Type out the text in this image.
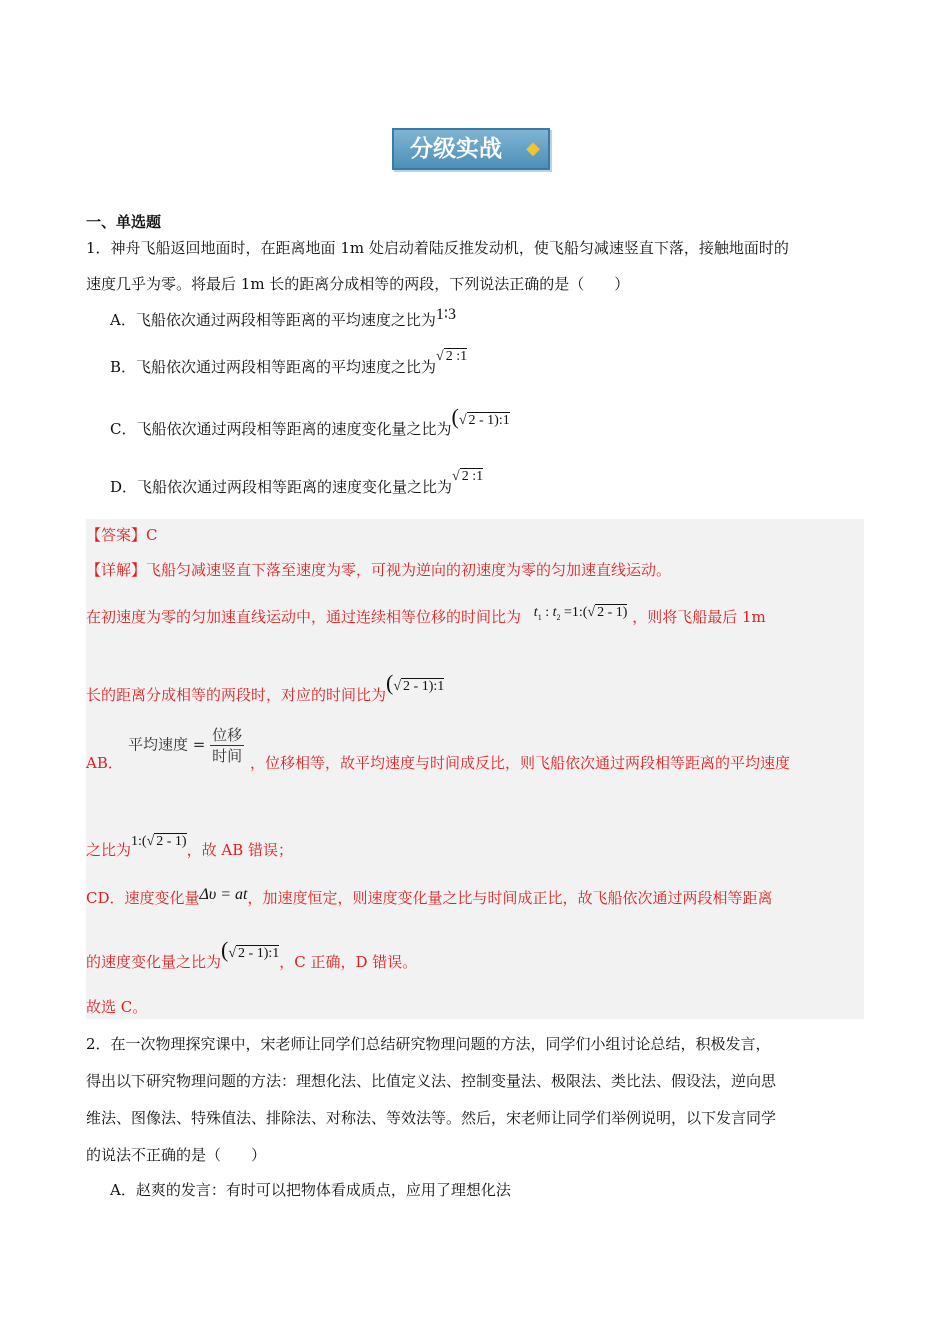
分级实战 ◆
一、单选题
1．神舟飞船返回地面时，在距离地面 1m 处启动着陆反推发动机，使飞船匀减速竖直下落，接触地面时的
速度几乎为零。将最后 1m 长的距离分成相等的两段，下列说法正确的是（　　）
A．飞船依次通过两段相等距离的平均速度之比为1∶3
B．飞船依次通过两段相等距离的平均速度之比为√ 2 :1
C．飞船依次通过两段相等距离的速度变化量之比为(√ 2 - 1):1
D．飞船依次通过两段相等距离的速度变化量之比为√ 2 :1
【答案】C
【详解】飞船匀减速竖直下落至速度为零，可视为逆向的初速度为零的匀加速直线运动。
在初速度为零的匀加速直线运动中，通过连续相等位移的时间比为 $t_1$ : $t_2$ =1:(√ 2 - 1) ，则将飞船最后 1m
长的距离分成相等的两段时，对应的时间比为(√ 2 - 1):1
平均速度 = $\frac{\text{位移}}{\text{时间}}$
AB．	，位移相等，故平均速度与时间成反比，则飞船依次通过两段相等距离的平均速度
之比为1:(√ 2 - 1)，故 AB 错误；
CD．速度变化量Δυ = at，加速度恒定，则速度变化量之比与时间成正比，故飞船依次通过两段相等距离
的速度变化量之比为(√ 2 - 1):1，C 正确，D 错误。
故选 C。
2．在一次物理探究课中，宋老师让同学们总结研究物理问题的方法，同学们小组讨论总结，积极发言，
得出以下研究物理问题的方法：理想化法、比值定义法、控制变量法、极限法、类比法、假设法，逆向思
维法、图像法、特殊值法、排除法、对称法、等效法等。然后，宋老师让同学们举例说明，以下发言同学
的说法不正确的是（　　）
A．赵爽的发言：有时可以把物体看成质点，应用了理想化法
